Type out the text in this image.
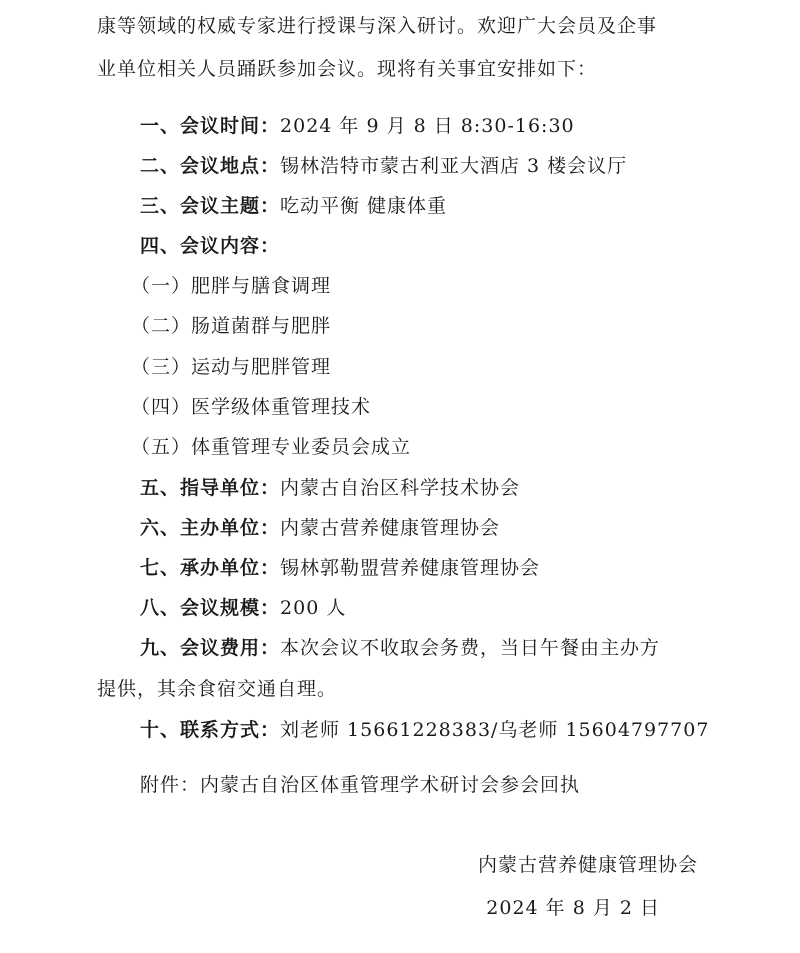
康等领域的权威专家进行授课与深入研讨。欢迎广大会员及企事
业单位相关人员踊跃参加会议。现将有关事宜安排如下：
一、会议时间：2024 年 9 月 8 日 8:30-16:30
二、会议地点：锡林浩特市蒙古利亚大酒店 3 楼会议厅
三、会议主题：吃动平衡 健康体重
四、会议内容：
（一）肥胖与膳食调理
（二）肠道菌群与肥胖
（三）运动与肥胖管理
（四）医学级体重管理技术
（五）体重管理专业委员会成立
五、指导单位：内蒙古自治区科学技术协会
六、主办单位：内蒙古营养健康管理协会
七、承办单位：锡林郭勒盟营养健康管理协会
八、会议规模：200 人
九、会议费用：本次会议不收取会务费，当日午餐由主办方
提供，其余食宿交通自理。
十、联系方式：刘老师 15661228383/乌老师 15604797707
附件：内蒙古自治区体重管理学术研讨会参会回执
内蒙古营养健康管理协会
2024 年 8 月 2 日
